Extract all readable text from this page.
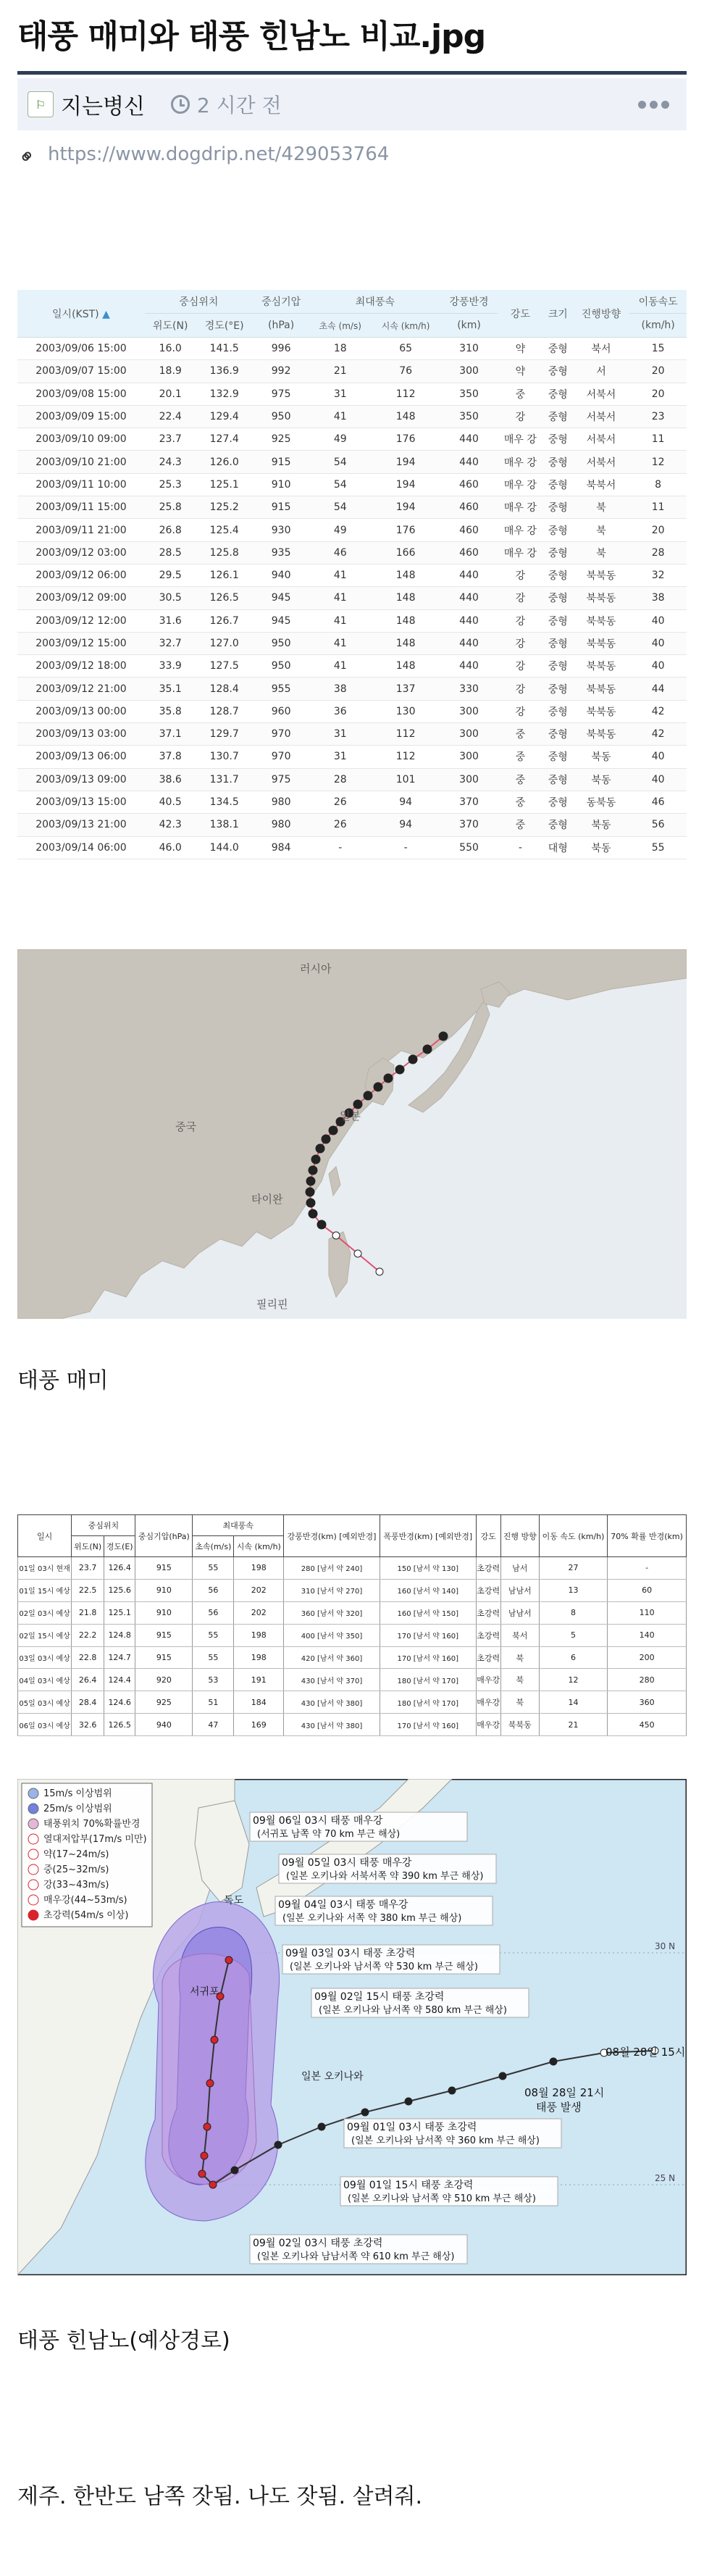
태풍 매미와 태풍 힌남노 비교.jpg
⚐ 지는병신	2 시간 전
⚭ https://www.dogdrip.net/429053764
일시(KST) ▲	중심위치		중심기압	최대풍속		강풍반경	강도	크기	진행방향	이동속도
	위도(N)	경도(°E)	(hPa)	초속 (m/s)	시속 (km/h)	(km)				(km/h)
2003/09/06 15:00	16.0	141.5	996	18	65	310	약	중형	북서	15
2003/09/07 15:00	18.9	136.9	992	21	76	300	약	중형	서	20
2003/09/08 15:00	20.1	132.9	975	31	112	350	중	중형	서북서	20
2003/09/09 15:00	22.4	129.4	950	41	148	350	강	중형	서북서	23
2003/09/10 09:00	23.7	127.4	925	49	176	440	매우 강	중형	서북서	11
2003/09/10 21:00	24.3	126.0	915	54	194	440	매우 강	중형	서북서	12
2003/09/11 10:00	25.3	125.1	910	54	194	460	매우 강	중형	북북서	8
2003/09/11 15:00	25.8	125.2	915	54	194	460	매우 강	중형	북	11
2003/09/11 21:00	26.8	125.4	930	49	176	460	매우 강	중형	북	20
2003/09/12 03:00	28.5	125.8	935	46	166	460	매우 강	중형	북	28
2003/09/12 06:00	29.5	126.1	940	41	148	440	강	중형	북북동	32
2003/09/12 09:00	30.5	126.5	945	41	148	440	강	중형	북북동	38
2003/09/12 12:00	31.6	126.7	945	41	148	440	강	중형	북북동	40
2003/09/12 15:00	32.7	127.0	950	41	148	440	강	중형	북북동	40
2003/09/12 18:00	33.9	127.5	950	41	148	440	강	중형	북북동	40
2003/09/12 21:00	35.1	128.4	955	38	137	330	강	중형	북북동	44
2003/09/13 00:00	35.8	128.7	960	36	130	300	강	중형	북북동	42
2003/09/13 03:00	37.1	129.7	970	31	112	300	중	중형	북북동	42
2003/09/13 06:00	37.8	130.7	970	31	112	300	중	중형	북동	40
2003/09/13 09:00	38.6	131.7	975	28	101	300	중	중형	북동	40
2003/09/13 15:00	40.5	134.5	980	26	94	370	중	중형	동북동	46
2003/09/13 21:00	42.3	138.1	980	26	94	370	중	중형	북동	56
2003/09/14 06:00	46.0	144.0	984	-	-	550	-	대형	북동	55
러시아
중국
일본
타이완
필리핀
태풍 매미
일시	중심위치		중심기압(hPa)	최대풍속		강풍반경(km) [예외반경]	폭풍반경(km) [예외반경]	강도	진행 방향	이동 속도 (km/h)	70% 확률 반경(km)
	위도(N)	경도(E)		초속(m/s)	시속 (km/h)						
01일 03시 현재	23.7	126.4	915	55	198	280 [남서 약 240]	150 [남서 약 130]	초강력	남서	27	-
01일 15시 예상	22.5	125.6	910	56	202	310 [남서 약 270]	160 [남서 약 140]	초강력	남남서	13	60
02일 03시 예상	21.8	125.1	910	56	202	360 [남서 약 320]	160 [남서 약 150]	초강력	남남서	8	110
02일 15시 예상	22.2	124.8	915	55	198	400 [남서 약 350]	170 [남서 약 160]	초강력	북서	5	140
03일 03시 예상	22.8	124.7	915	55	198	420 [남서 약 360]	170 [남서 약 160]	초강력	북	6	200
04일 03시 예상	26.4	124.4	920	53	191	430 [남서 약 370]	180 [남서 약 170]	매우강	북	12	280
05일 03시 예상	28.4	124.6	925	51	184	430 [남서 약 380]	180 [남서 약 170]	매우강	북	14	360
06일 03시 예상	32.6	126.5	940	47	169	430 [남서 약 380]	170 [남서 약 160]	매우강	북북동	21	450
15m/s 이상범위
25m/s 이상범위
태풍위치 70%확률반경
열대저압부(17m/s 미만)
약(17~24m/s)
중(25~32m/s)
강(33~43m/s)
매우강(44~53m/s)
초강력(54m/s 이상)
09월 06일 03시 태풍 매우강
(서귀포 남쪽 약 70 km 부근 해상)
09월 05일 03시 태풍 매우강
(일본 오키나와 서북서쪽 약 390 km 부근 해상)
09월 04일 03시 태풍 매우강
(일본 오키나와 서쪽 약 380 km 부근 해상)
09월 03일 03시 태풍 초강력
(일본 오키나와 남서쪽 약 530 km 부근 해상)
09월 02일 15시 태풍 초강력
(일본 오키나와 남서쪽 약 580 km 부근 해상)
09월 01일 03시 태풍 초강력
(일본 오키나와 남서쪽 약 360 km 부근 해상)
09월 01일 15시 태풍 초강력
(일본 오키나와 남서쪽 약 510 km 부근 해상)
09월 02일 03시 태풍 초강력
(일본 오키나와 남남서쪽 약 610 km 부근 해상)
08월 28일 21시
태풍 발생
08월 28일 15시
서귀포
일본 오키나와
독도
30 N
25 N
태풍 힌남노(예상경로)
제주. 한반도 남쪽 잣됨. 나도 잣됨. 살려줘.
